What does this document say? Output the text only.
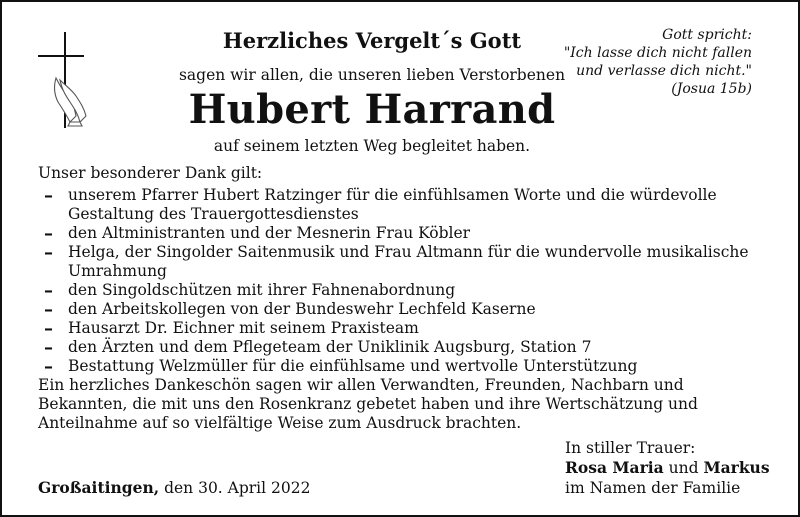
Herzliches Vergelt´s Gott
sagen wir allen, die unseren lieben Verstorbenen
Hubert Harrand
auf seinem letzten Weg begleitet haben.
Gott spricht:
"Ich lasse dich nicht fallen
und verlasse dich nicht."
(Josua 15b)
Unser besonderer Dank gilt:
– unserem Pfarrer Hubert Ratzinger für die einfühlsamen Worte und die würdevolle Gestaltung des Trauergottesdienstes
– den Altministranten und der Mesnerin Frau Köbler
– Helga, der Singolder Saitenmusik und Frau Altmann für die wundervolle musikalische Umrahmung
– den Singoldschützen mit ihrer Fahnenabordnung
– den Arbeitskollegen von der Bundeswehr Lechfeld Kaserne
– Hausarzt Dr. Eichner mit seinem Praxisteam
– den Ärzten und dem Pflegeteam der Uniklinik Augsburg, Station 7
– Bestattung Welzmüller für die einfühlsame und wertvolle Unterstützung
Ein herzliches Dankeschön sagen wir allen Verwandten, Freunden, Nachbarn und Bekannten, die mit uns den Rosenkranz gebetet haben und ihre Wertschätzung und Anteilnahme auf so vielfältige Weise zum Ausdruck brachten.
Großaitingen, den 30. April 2022
In stiller Trauer:
Rosa Maria und Markus
im Namen der Familie
